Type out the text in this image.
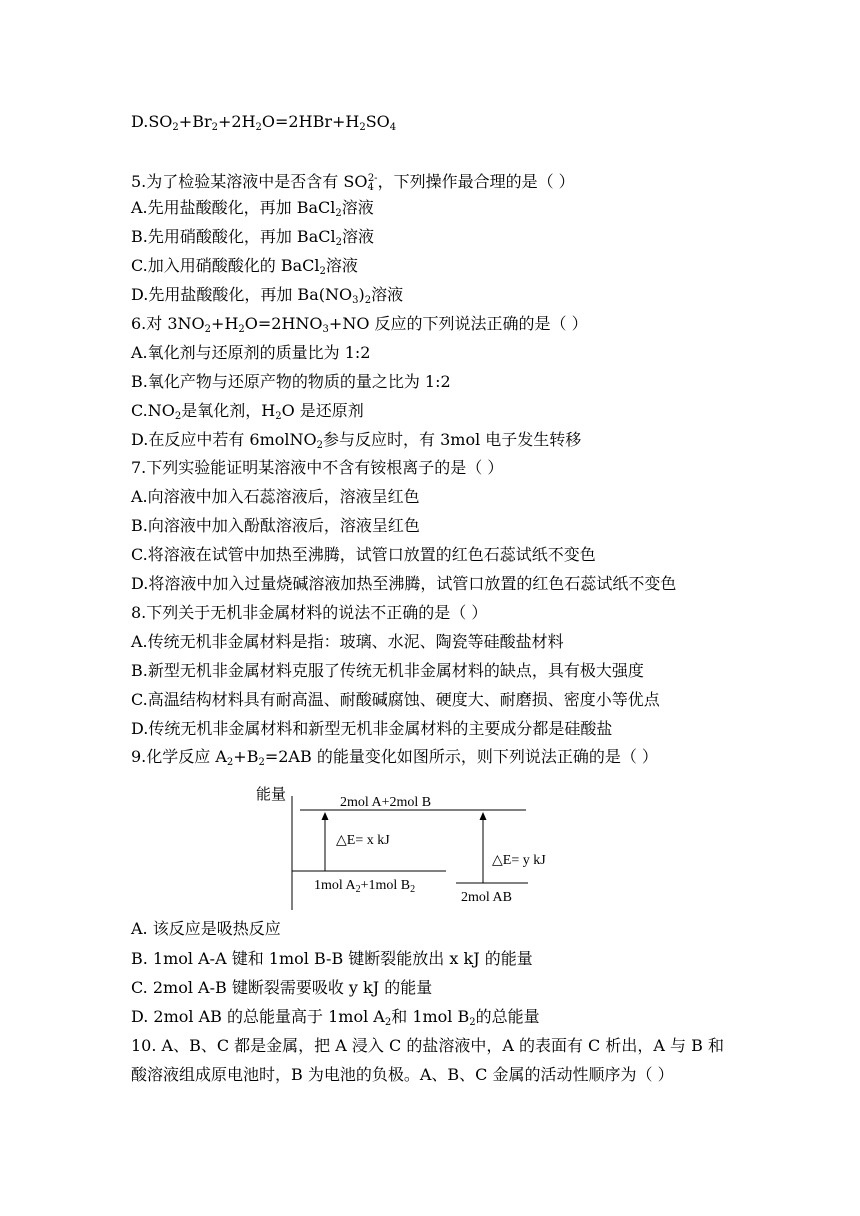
$D.SO_2+Br_2+2H_2O=2HBr+H_2SO_4$
5.为了检验某溶液中是否含有 $SO_4^{2-}$，下列操作最合理的是（ ）
A.先用盐酸酸化，再加 BaCl$_2$溶液
B.先用硝酸酸化，再加 BaCl$_2$溶液
C.加入用硝酸酸化的 BaCl$_2$溶液
D.先用盐酸酸化，再加 $Ba(NO_3)_2$溶液
6.对 $3NO_2+H_2O=2HNO_3+NO$ 反应的下列说法正确的是（ ）
A.氧化剂与还原剂的质量比为 1:2
B.氧化产物与还原产物的物质的量之比为 1:2
$C.NO_2$是氧化剂，$H_2O$ 是还原剂
D.在反应中若有 6molNO$_2$参与反应时，有 3mol 电子发生转移
7.下列实验能证明某溶液中不含有铵根离子的是（ ）
A.向溶液中加入石蕊溶液后，溶液呈红色
B.向溶液中加入酚酞溶液后，溶液呈红色
C.将溶液在试管中加热至沸腾，试管口放置的红色石蕊试纸不变色
D.将溶液中加入过量烧碱溶液加热至沸腾，试管口放置的红色石蕊试纸不变色
8.下列关于无机非金属材料的说法不正确的是（ ）
A.传统无机非金属材料是指：玻璃、水泥、陶瓷等硅酸盐材料
B.新型无机非金属材料克服了传统无机非金属材料的缺点，具有极大强度
C.高温结构材料具有耐高温、耐酸碱腐蚀、硬度大、耐磨损、密度小等优点
D.传统无机非金属材料和新型无机非金属材料的主要成分都是硅酸盐
9.化学反应 $A_2+B_2=2AB$ 的能量变化如图所示，则下列说法正确的是（ ）
能量	2mol A+2mol B
△E= x kJ
△E= y kJ
1mol $A_2+1mol$ $B_2$
2mol AB
A. 该反应是吸热反应
B. 1mol A-A 键和 1mol B-B 键断裂能放出 x kJ 的能量
C. 2mol A-B 键断裂需要吸收 y kJ 的能量
D. 2mol AB 的总能量高于 1mol $A_2$和 1mol $B_2$的总能量
10. A、B、C 都是金属，把 A 浸入 C 的盐溶液中，A 的表面有 C 析出，A 与 B 和
酸溶液组成原电池时，B 为电池的负极。A、B、C 金属的活动性顺序为（ ）
